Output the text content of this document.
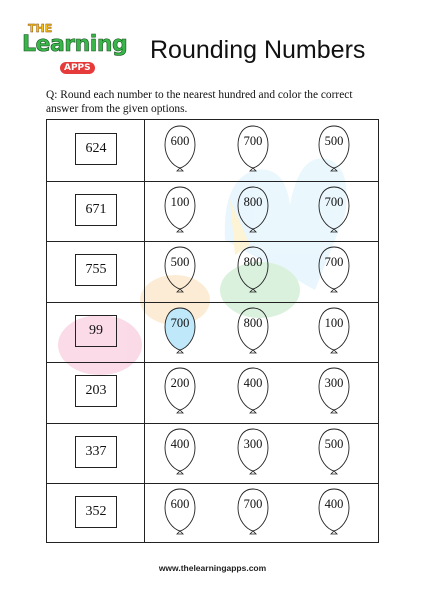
THE
Learning
APPS
Rounding Numbers
Q: Round each number to the nearest hundred and color the correct answer from the given options.
624	600	700	500
671	100	800	700
755	500	800	700
99	700	800	100
203	200	400	300
337	400	300	500
352	600	700	400
www.thelearningapps.com
